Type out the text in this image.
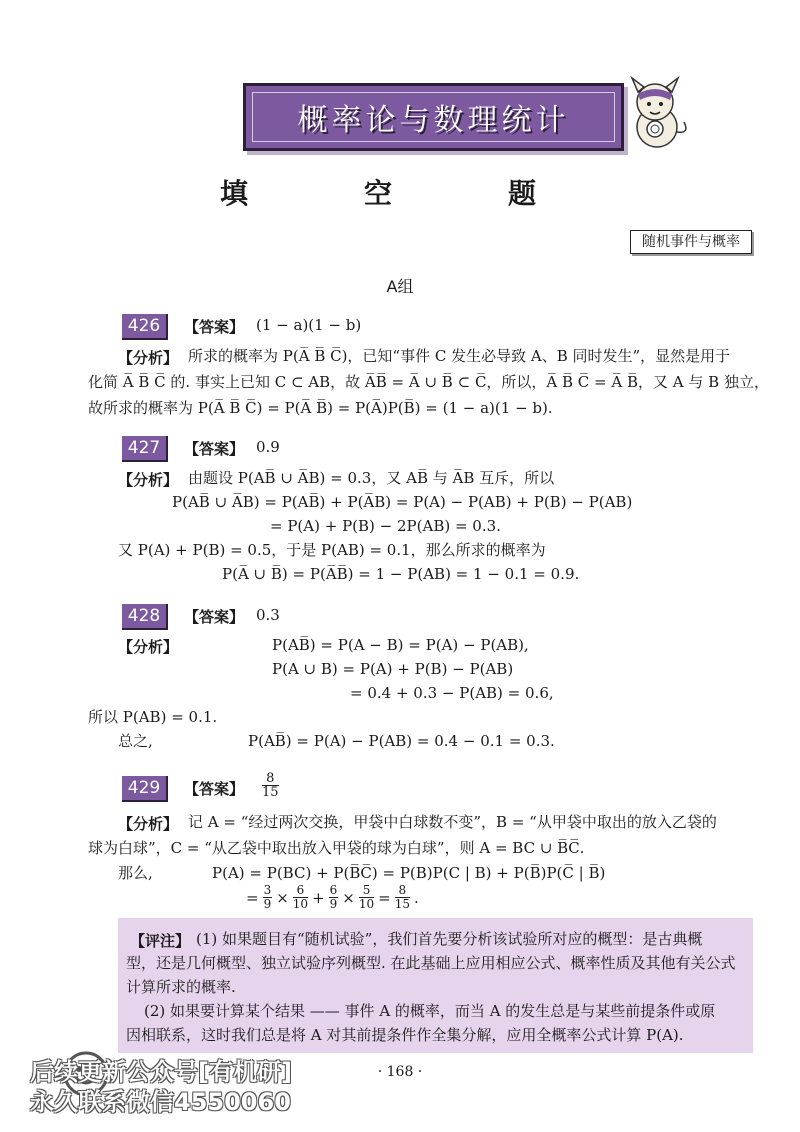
概率论与数理统计
填　空　题
随机事件与概率
A组
426	【答案】 (1 − a)(1 − b)
【分析】 所求的概率为 P(A̅ B̅ C̅)，已知“事件 C 发生必导致 A、B 同时发生”，显然是用于
化简 A̅ B̅ C̅ 的. 事实上已知 C ⊂ AB，故 A̅B̅ = A̅ ∪ B̅ ⊂ C̅，所以，A̅ B̅ C̅ = A̅ B̅，又 A 与 B 独立，
故所求的概率为 P(A̅ B̅ C̅) = P(A̅ B̅) = P(A̅)P(B̅) = (1 − a)(1 − b).
427	【答案】 0.9
【分析】 由题设 P(AB̅ ∪ A̅B) = 0.3，又 AB̅ 与 A̅B 互斥，所以
P(AB̅ ∪ A̅B) = P(AB̅) + P(A̅B) = P(A) − P(AB) + P(B) − P(AB)
= P(A) + P(B) − 2P(AB) = 0.3.
又 P(A) + P(B) = 0.5，于是 P(AB) = 0.1，那么所求的概率为
P(A̅ ∪ B̅) = P(A̅B̅) = 1 − P(AB) = 1 − 0.1 = 0.9.
428	【答案】 0.3
【分析】	P(AB̅) = P(A − B) = P(A) − P(AB),
P(A ∪ B) = P(A) + P(B) − P(AB)
= 0.4 + 0.3 − P(AB) = 0.6,
所以 P(AB) = 0.1.
总之,	P(AB̅) = P(A) − P(AB) = 0.4 − 0.1 = 0.3.
429	【答案】 $\frac{8}{15}$
【分析】 记 A = “经过两次交换，甲袋中白球数不变”，B = “从甲袋中取出的放入乙袋的
球为白球”，C = “从乙袋中取出放入甲袋的球为白球”，则 A = BC ∪ B̅C̅.
那么,	P(A) = P(BC) + P(B̅C̅) = P(B)P(C | B) + P(B̅)P(C̅ | B̅)
= $\frac{3}{9} \times \frac{6}{10} + \frac{6}{9} \times \frac{5}{10} = \frac{8}{15}$ .
【评注】 (1) 如果题目有“随机试验”，我们首先要分析该试验所对应的概型：是古典概
型，还是几何概型、独立试验序列概型. 在此基础上应用相应公式、概率性质及其他有关公式
计算所求的概率.
(2) 如果要计算某个结果 —— 事件 A 的概率，而当 A 的发生总是与某些前提条件或原
因相联系，这时我们总是将 A 对其前提条件作全集分解，应用全概率公式计算 P(A).
· 168 ·
后续更新公众号[有机研]
永久联系微信4550060
